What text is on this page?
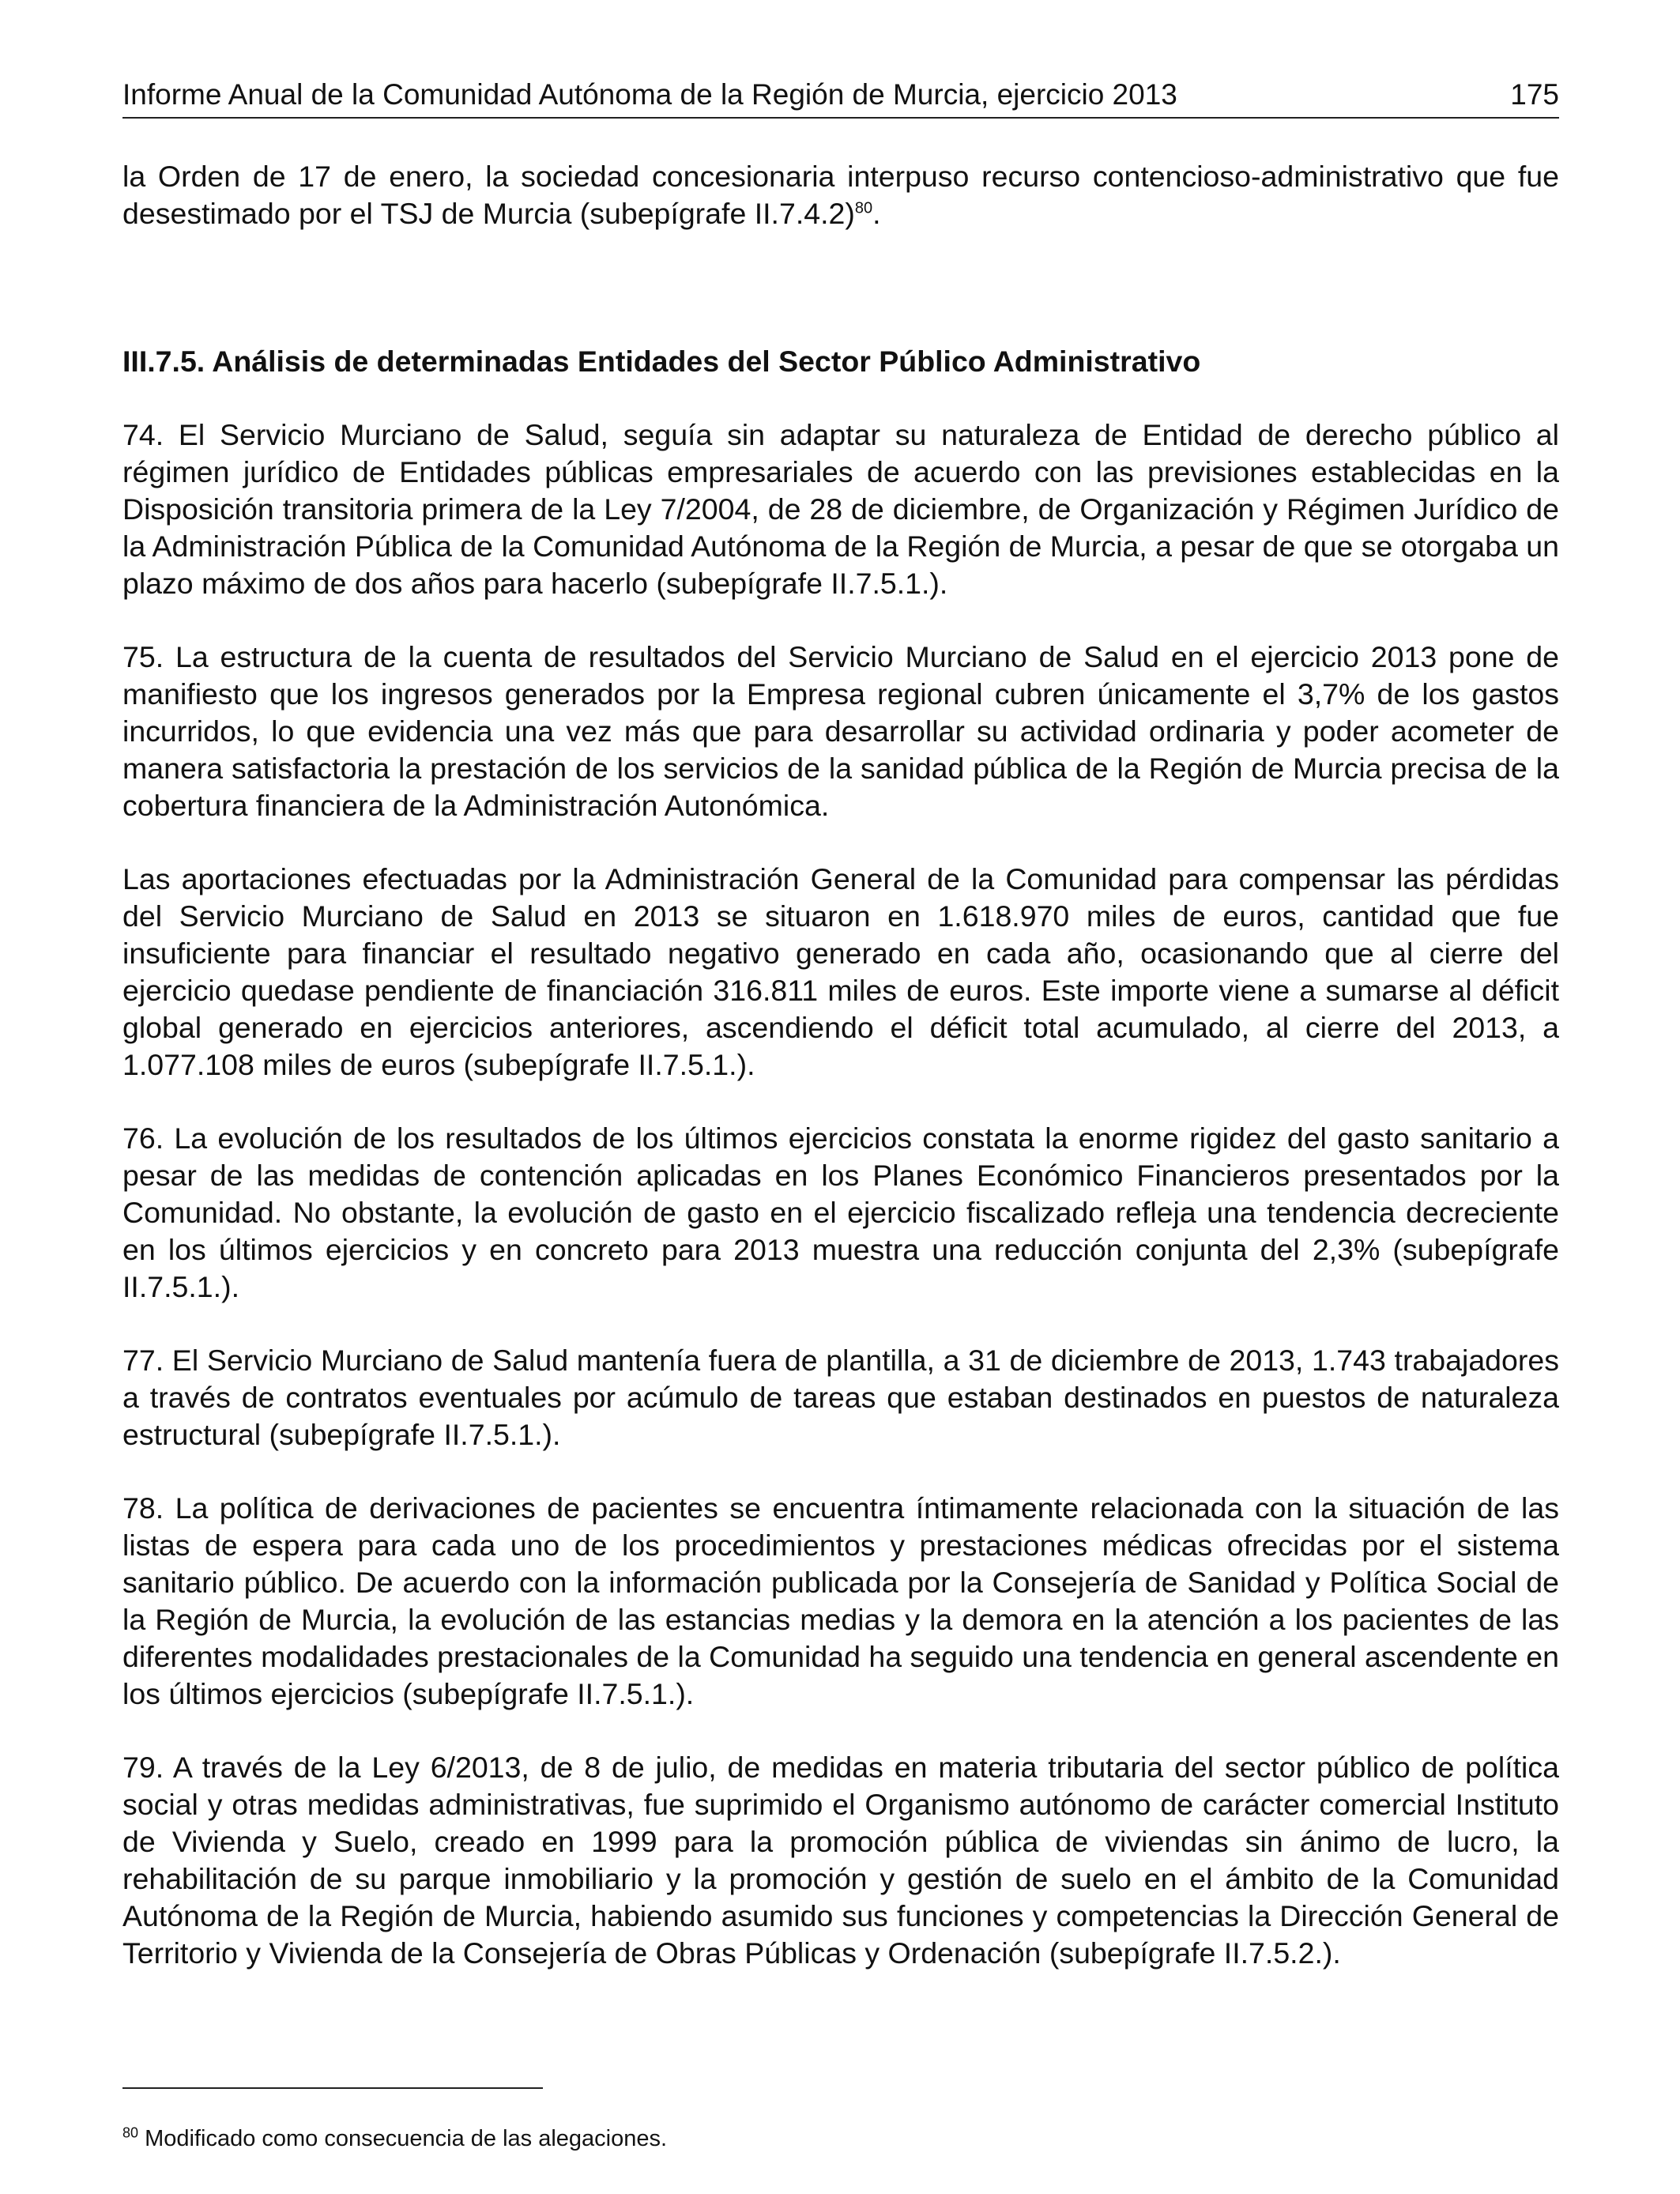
Informe Anual de la Comunidad Autónoma de la Región de Murcia, ejercicio 2013	175

la Orden de 17 de enero, la sociedad concesionaria interpuso recurso contencioso-administrativo que fue desestimado por el TSJ de Murcia (subepígrafe II.7.4.2)$^{80}$.

III.7.5. Análisis de determinadas Entidades del Sector Público Administrativo

74. El Servicio Murciano de Salud, seguía sin adaptar su naturaleza de Entidad de derecho público al régimen jurídico de Entidades públicas empresariales de acuerdo con las previsiones establecidas en la Disposición transitoria primera de la Ley 7/2004, de 28 de diciembre, de Organización y Régimen Jurídico de la Administración Pública de la Comunidad Autónoma de la Región de Murcia, a pesar de que se otorgaba un plazo máximo de dos años para hacerlo (subepígrafe II.7.5.1.).

75. La estructura de la cuenta de resultados del Servicio Murciano de Salud en el ejercicio 2013 pone de manifiesto que los ingresos generados por la Empresa regional cubren únicamente el 3,7% de los gastos incurridos, lo que evidencia una vez más que para desarrollar su actividad ordinaria y poder acometer de manera satisfactoria la prestación de los servicios de la sanidad pública de la Región de Murcia precisa de la cobertura financiera de la Administración Autonómica.

Las aportaciones efectuadas por la Administración General de la Comunidad para compensar las pérdidas del Servicio Murciano de Salud en 2013 se situaron en 1.618.970 miles de euros, cantidad que fue insuficiente para financiar el resultado negativo generado en cada año, ocasionando que al cierre del ejercicio quedase pendiente de financiación 316.811 miles de euros. Este importe viene a sumarse al déficit global generado en ejercicios anteriores, ascendiendo el déficit total acumulado, al cierre del 2013, a 1.077.108 miles de euros (subepígrafe II.7.5.1.).

76. La evolución de los resultados de los últimos ejercicios constata la enorme rigidez del gasto sanitario a pesar de las medidas de contención aplicadas en los Planes Económico Financieros presentados por la Comunidad. No obstante, la evolución de gasto en el ejercicio fiscalizado refleja una tendencia decreciente en los últimos ejercicios y en concreto para 2013 muestra una reducción conjunta del 2,3% (subepígrafe II.7.5.1.).

77. El Servicio Murciano de Salud mantenía fuera de plantilla, a 31 de diciembre de 2013, 1.743 trabajadores a través de contratos eventuales por acúmulo de tareas que estaban destinados en puestos de naturaleza estructural (subepígrafe II.7.5.1.).

78. La política de derivaciones de pacientes se encuentra íntimamente relacionada con la situación de las listas de espera para cada uno de los procedimientos y prestaciones médicas ofrecidas por el sistema sanitario público. De acuerdo con la información publicada por la Consejería de Sanidad y Política Social de la Región de Murcia, la evolución de las estancias medias y la demora en la atención a los pacientes de las diferentes modalidades prestacionales de la Comunidad ha seguido una tendencia en general ascendente en los últimos ejercicios (subepígrafe II.7.5.1.).

79. A través de la Ley 6/2013, de 8 de julio, de medidas en materia tributaria del sector público de política social y otras medidas administrativas, fue suprimido el Organismo autónomo de carácter comercial Instituto de Vivienda y Suelo, creado en 1999 para la promoción pública de viviendas sin ánimo de lucro, la rehabilitación de su parque inmobiliario y la promoción y gestión de suelo en el ámbito de la Comunidad Autónoma de la Región de Murcia, habiendo asumido sus funciones y competencias la Dirección General de Territorio y Vivienda de la Consejería de Obras Públicas y Ordenación (subepígrafe II.7.5.2.).

$^{80}$ Modificado como consecuencia de las alegaciones.
